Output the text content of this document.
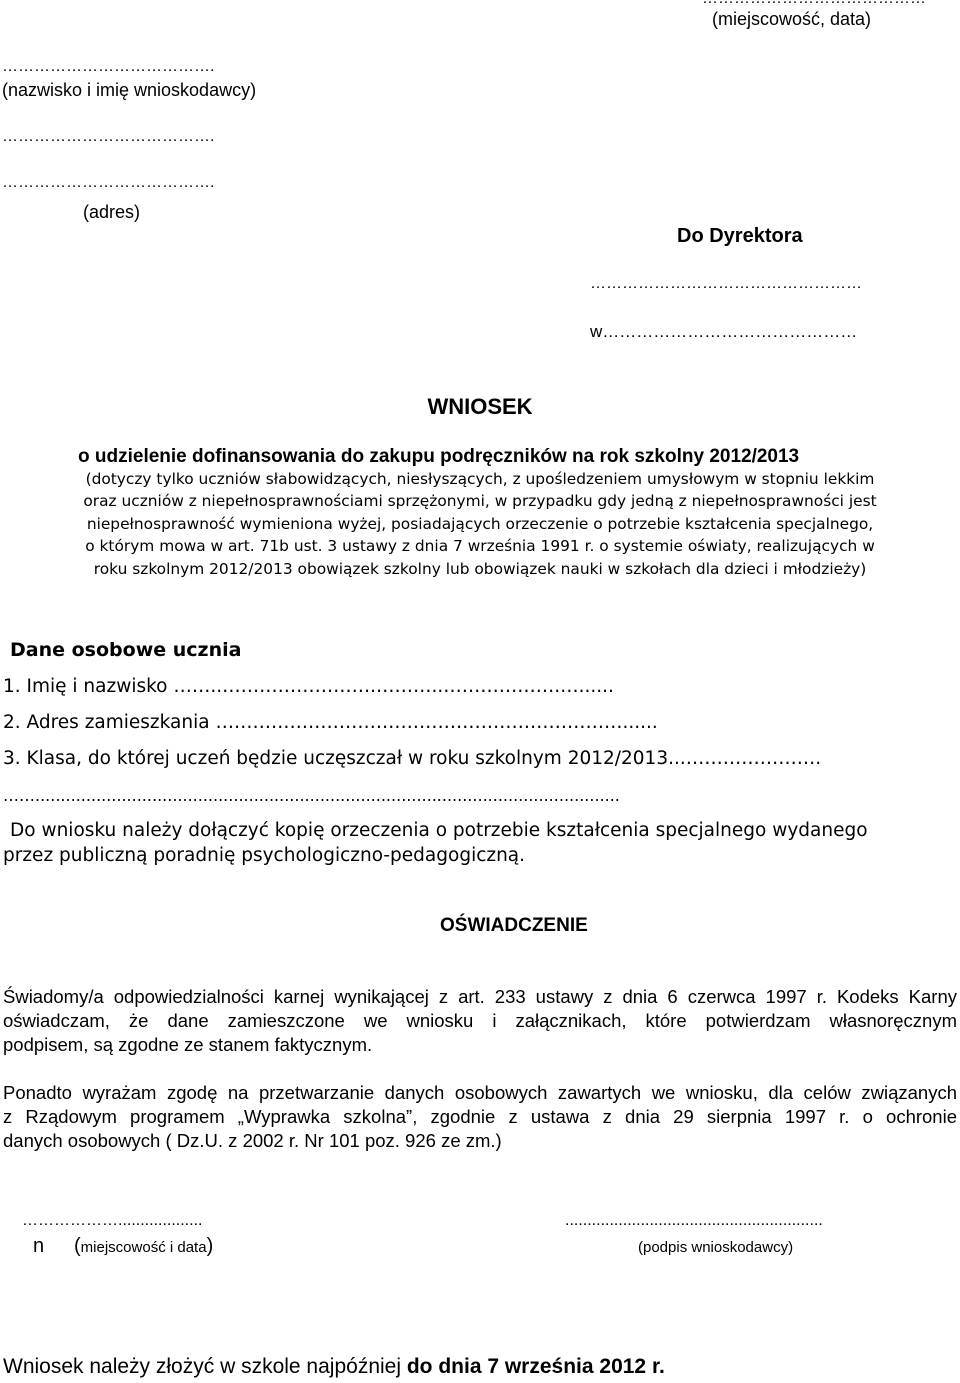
(miejscowość, data)
………………………………….
(nazwisko i imię wnioskodawcy)
………………………………….
………………………………….
(adres)
Do Dyrektora
……………………………………………
w………………………………………
WNIOSEK
o udzielenie dofinansowania do zakupu podręczników na rok szkolny 2012/2013
(dotyczy tylko uczniów słabowidzących, niesłyszących, z upośledzeniem umysłowym w stopniu lekkim
oraz uczniów z niepełnosprawnościami sprzężonymi, w przypadku gdy jedną z niepełnosprawności jest
niepełnosprawność wymieniona wyżej, posiadających orzeczenie o potrzebie kształcenia specjalnego,
o którym mowa w art. 71b ust. 3 ustawy z dnia 7 września 1991 r. o systemie oświaty, realizujących w
roku szkolnym 2012/2013 obowiązek szkolny lub obowiązek nauki w szkołach dla dzieci i młodzieży)
Dane osobowe ucznia
1. Imię i nazwisko ……..…………………….………..……………….…......
2. Adres zamieszkania …………………………………………………………......
3. Klasa, do której uczeń będzie uczęszczał w roku szkolnym 2012/2013...………………….
……...................................................................................................................
Do wniosku należy dołączyć kopię orzeczenia o potrzebie kształcenia specjalnego wydanego
przez publiczną poradnię psychologiczno-pedagogiczną.
OŚWIADCZENIE
Świadomy/a odpowiedzialności karnej wynikającej z art. 233 ustawy z dnia 6 czerwca 1997 r. Kodeks Karny
oświadczam, że dane zamieszczone we wniosku i załącznikach, które potwierdzam własnoręcznym
podpisem, są zgodne ze stanem faktycznym.
Ponadto wyrażam zgodę na przetwarzanie danych osobowych zawartych we wniosku, dla celów związanych
z Rządowym programem „Wyprawka szkolna”, zgodnie z ustawa z dnia 29 sierpnia 1997 r. o ochronie
danych osobowych ( Dz.U. z 2002 r. Nr 101 poz. 926 ze zm.)
………………...................	..........................................................
n (miejscowość i data)	(podpis wnioskodawcy)
Wniosek należy złożyć w szkole najpóźniej do dnia 7 września 2012 r.
